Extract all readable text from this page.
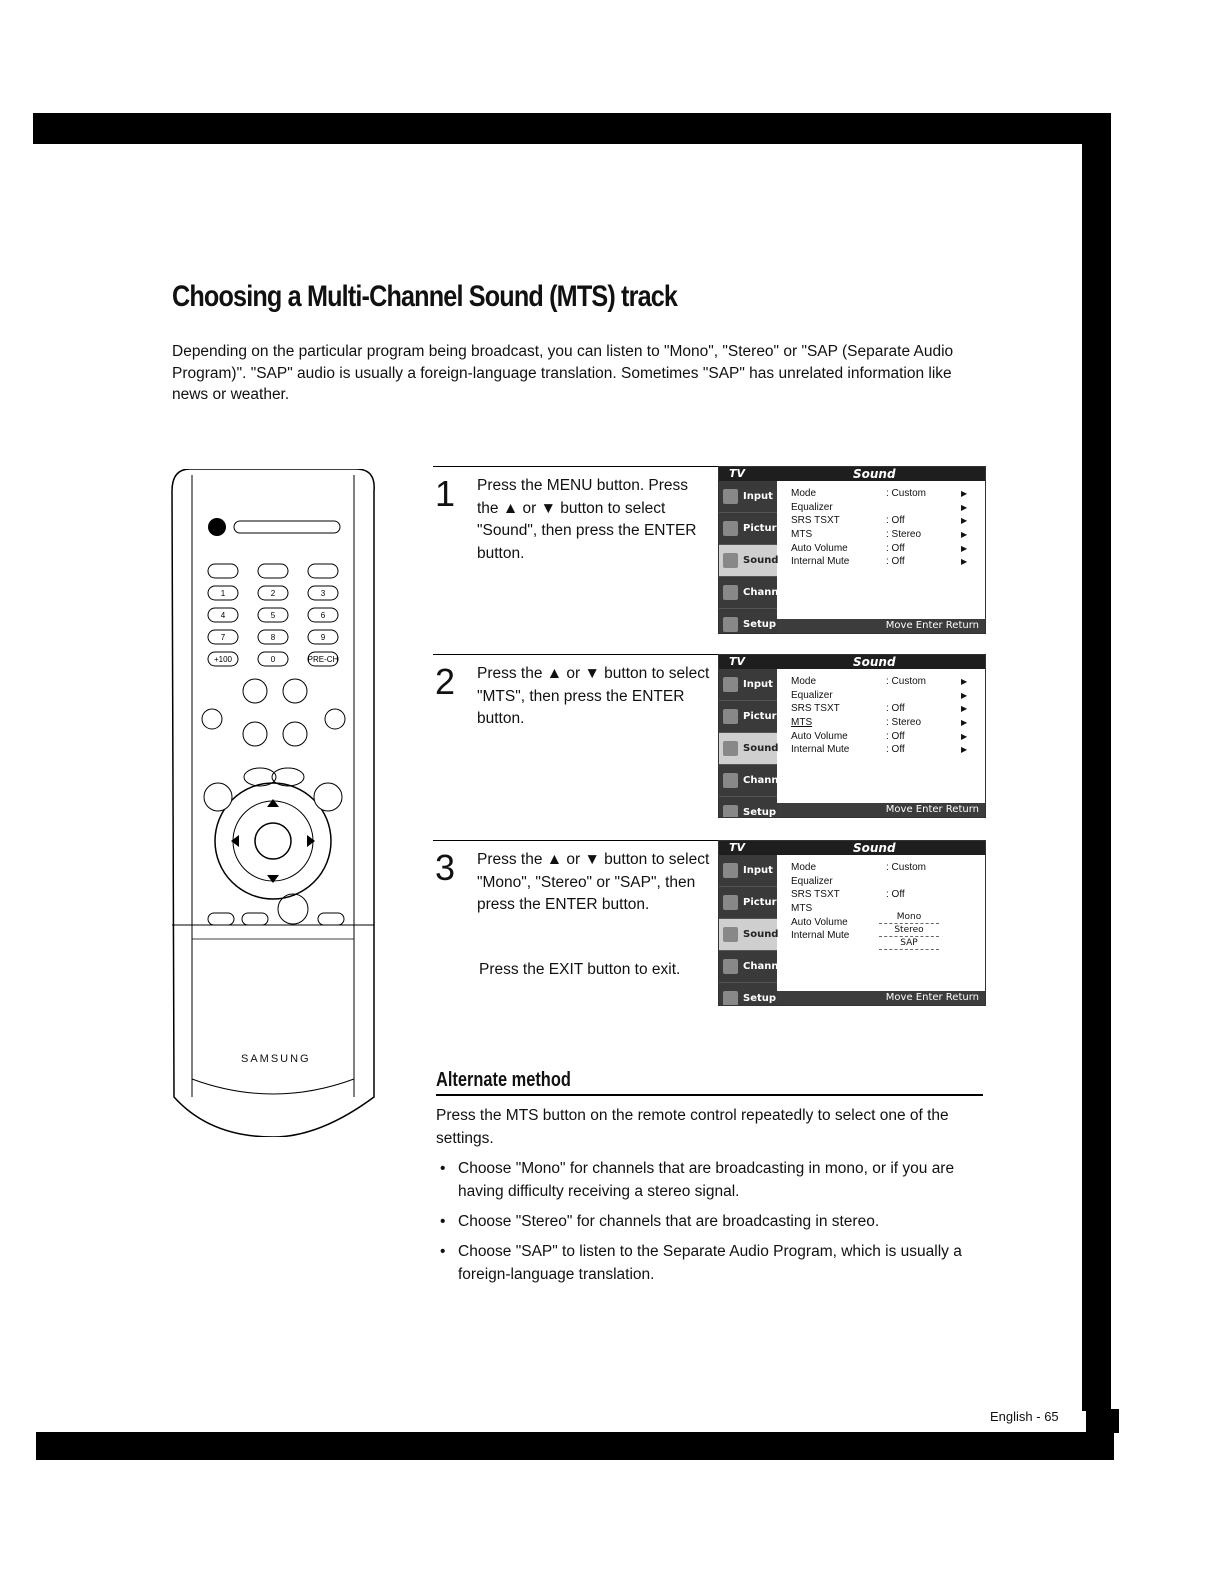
Choosing a Multi-Channel Sound (MTS) track

Depending on the particular program being broadcast, you can listen to "Mono", "Stereo" or "SAP (Separate Audio Program)". "SAP" audio is usually a foreign-language translation. Sometimes "SAP" has unrelated information like news or weather.

1	2	3
4	5	6
7	8	9
+100	0	PRE-CH
SAMSUNG
1 Press the MENU button. Press the ▲ or ▼ button to select "Sound", then press the ENTER button.

TV	Sound
Input
Picture
Sound
Channel
Setup
Mode	: Custom	▶
Equalizer	▶
SRS TSXT	: Off	▶
MTS	: Stereo	▶
Auto Volume	: Off	▶
Internal Mute	: Off	▶
Move Enter Return
2 Press the ▲ or ▼ button to select "MTS", then press the ENTER button.

TV	Sound
Input
Picture
Sound
Channel
Setup
Mode	: Custom	▶
Equalizer	▶
SRS TSXT	: Off	▶
MTS	: Stereo	▶
Auto Volume	: Off	▶
Internal Mute	: Off	▶
Move Enter Return
3 Press the ▲ or ▼ button to select "Mono", "Stereo" or "SAP", then press the ENTER button.

Press the EXIT button to exit.
TV	Sound
Input
Picture
Sound
Channel
Setup
Mode	: Custom
Equalizer
SRS TSXT	: Off
MTS
Auto Volume
Internal Mute
Mono
Stereo
SAP
Move Enter Return
Alternate method

Press the MTS button on the remote control repeatedly to select one of the settings.

• Choose "Mono" for channels that are broadcasting in mono, or if you are having difficulty receiving a stereo signal.
• Choose "Stereo" for channels that are broadcasting in stereo.
• Choose "SAP" to listen to the Separate Audio Program, which is usually a foreign-language translation.
English - 65
